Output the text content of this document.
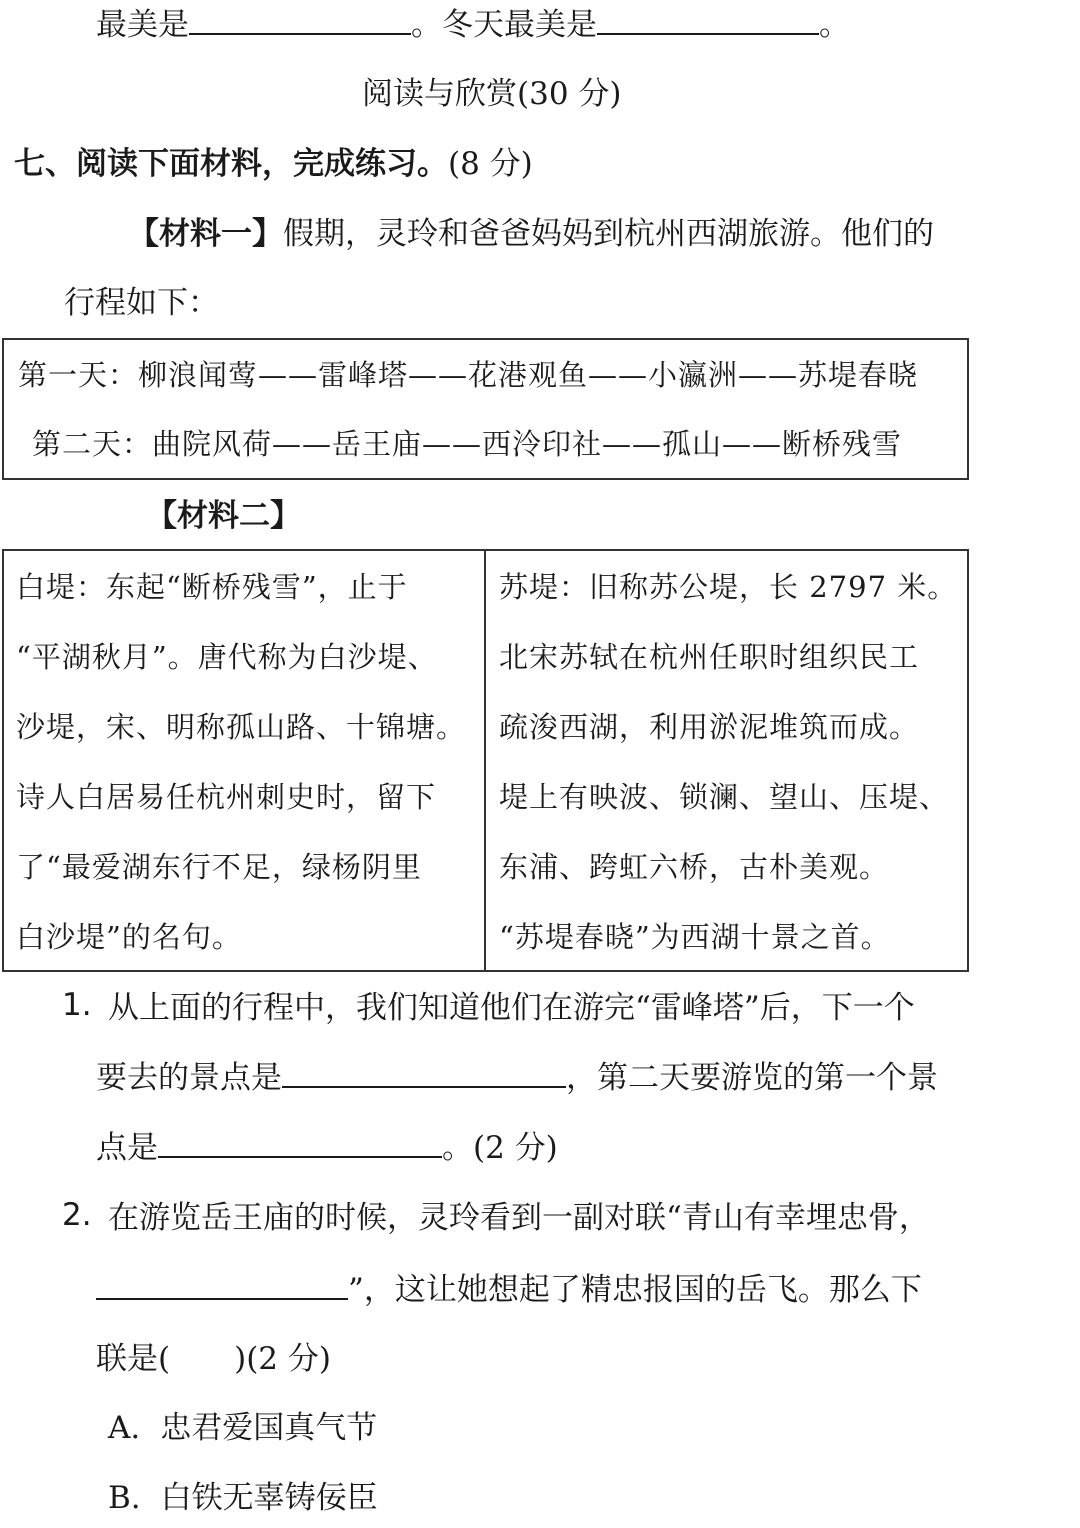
最美是	。冬天最美是	。
阅读与欣赏(30 分)
七、阅读下面材料，完成练习。(8 分)
【材料一】假期，灵玲和爸爸妈妈到杭州西湖旅游。他们的
行程如下：
第一天：柳浪闻莺——雷峰塔——花港观鱼——小瀛洲——苏堤春晓
第二天：曲院风荷——岳王庙——西泠印社——孤山——断桥残雪
【材料二】
白堤：东起“断桥残雪”，止于
“平湖秋月”。唐代称为白沙堤、
沙堤，宋、明称孤山路、十锦塘。
诗人白居易任杭州刺史时，留下
了“最爱湖东行不足，绿杨阴里
白沙堤”的名句。
苏堤：旧称苏公堤，长 2797 米。
北宋苏轼在杭州任职时组织民工
疏浚西湖，利用淤泥堆筑而成。
堤上有映波、锁澜、望山、压堤、
东浦、跨虹六桥，古朴美观。
“苏堤春晓”为西湖十景之首。
1. 从上面的行程中，我们知道他们在游完“雷峰塔”后，下一个
要去的景点是	，第二天要游览的第一个景
点是	。(2 分)
2. 在游览岳王庙的时候，灵玲看到一副对联“青山有幸埋忠骨，
”，这让她想起了精忠报国的岳飞。那么下
联是( )(2 分)
A. 忠君爱国真气节
B. 白铁无辜铸佞臣
